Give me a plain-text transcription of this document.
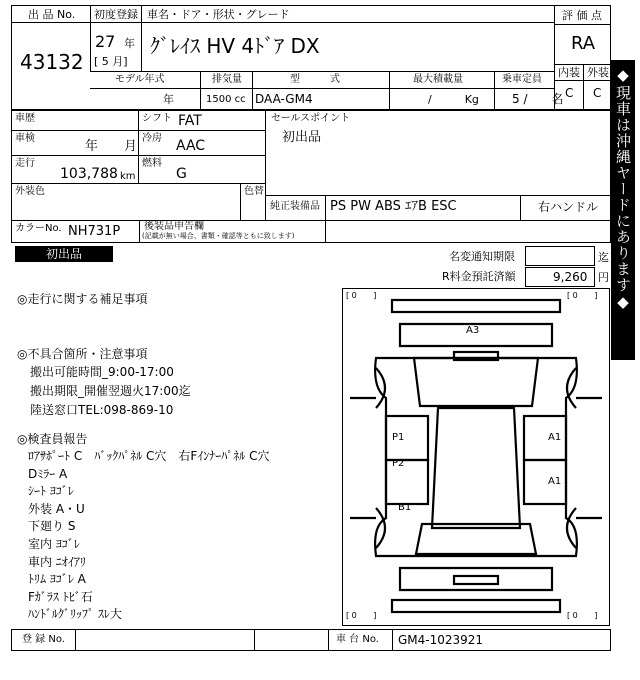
出 品 No.
43132
初度登録
27 年
[ 5 月]
車名・ドア・形状・グレード
ｸﾞﾚｲｽ HV 4ﾄﾞｱ DX
評 価 点
RA
内装 外装
C C
モデル年式
年
排気量
1500 cc
型　　　式
DAA-GM4
最大積載量
/　　　Kg
乗車定員
5 /　　名
車歴
車検
年　　月
走行
103,788 km
シフト FAT
冷房 AAC
燃料
G
外装色	色替
カラーNo. NH731P 後装品申告欄
(記載が無い場合、書類・確認等ともに致します)
セールスポイント
初出品
純正装備品 PS PW ABS ｴｱB ESC	右ハンドル ◆現車は沖縄ヤードにあります◆
初出品	名変通知期限	迄
R料金預託済額	9,260 円
◎走行に関する補足事項
◎不具合箇所・注意事項
搬出可能時間_9:00-17:00
搬出期限_開催翌週火17:00迄
陸送窓口TEL:098-869-10
◎検査員報告
ﾛｱｻﾎﾟｰﾄ C　ﾊﾞｯｸﾊﾟﾈﾙ C穴　右Fｲﾝﾅｰﾊﾟﾈﾙ C穴
Dﾐﾗｰ A
ｼｰﾄ ﾖｺﾞﾚ
外装 A・U
下廻り S
室内 ﾖｺﾞﾚ
車内 ﾆｵｲｱﾘ
ﾄﾘﾑ ﾖｺﾞﾚ A
Fｶﾞﾗｽ ﾄﾋﾞ石
ﾊﾝﾄﾞﾙｸﾞﾘｯﾌﾟ ｽﾚ大
[ 0 ]	[ 0 ]
[ 0 ]	[ 0 ]
A3
P1
P2
A1
A1
B1
登 録 No.	車 台 No. GM4-1023921
